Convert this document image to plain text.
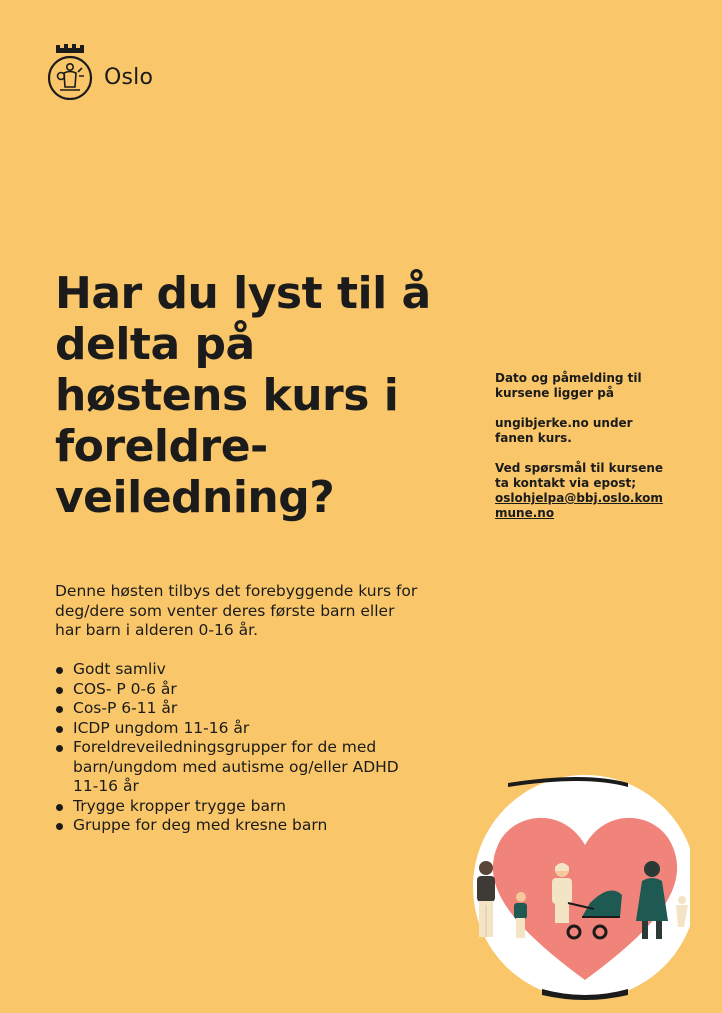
Oslo
Har du lyst til å
delta på
høstens kurs i
foreldre-
veiledning?

Dato og påmelding til kursene ligger på

ungibjerke.no under fanen kurs.

Ved spørsmål til kursene ta kontakt via epost;
oslohjelpa@bbj.oslo.kommune.no

Denne høsten tilbys det forebyggende kurs for deg/dere som venter deres første barn eller har barn i alderen 0-16 år.

Godt samliv
COS- P 0-6 år
Cos-P 6-11 år
ICDP ungdom 11-16 år
Foreldreveiledningsgrupper for de med barn/ungdom med autisme og/eller ADHD 11-16 år
Trygge kropper trygge barn
Gruppe for deg med kresne barn
